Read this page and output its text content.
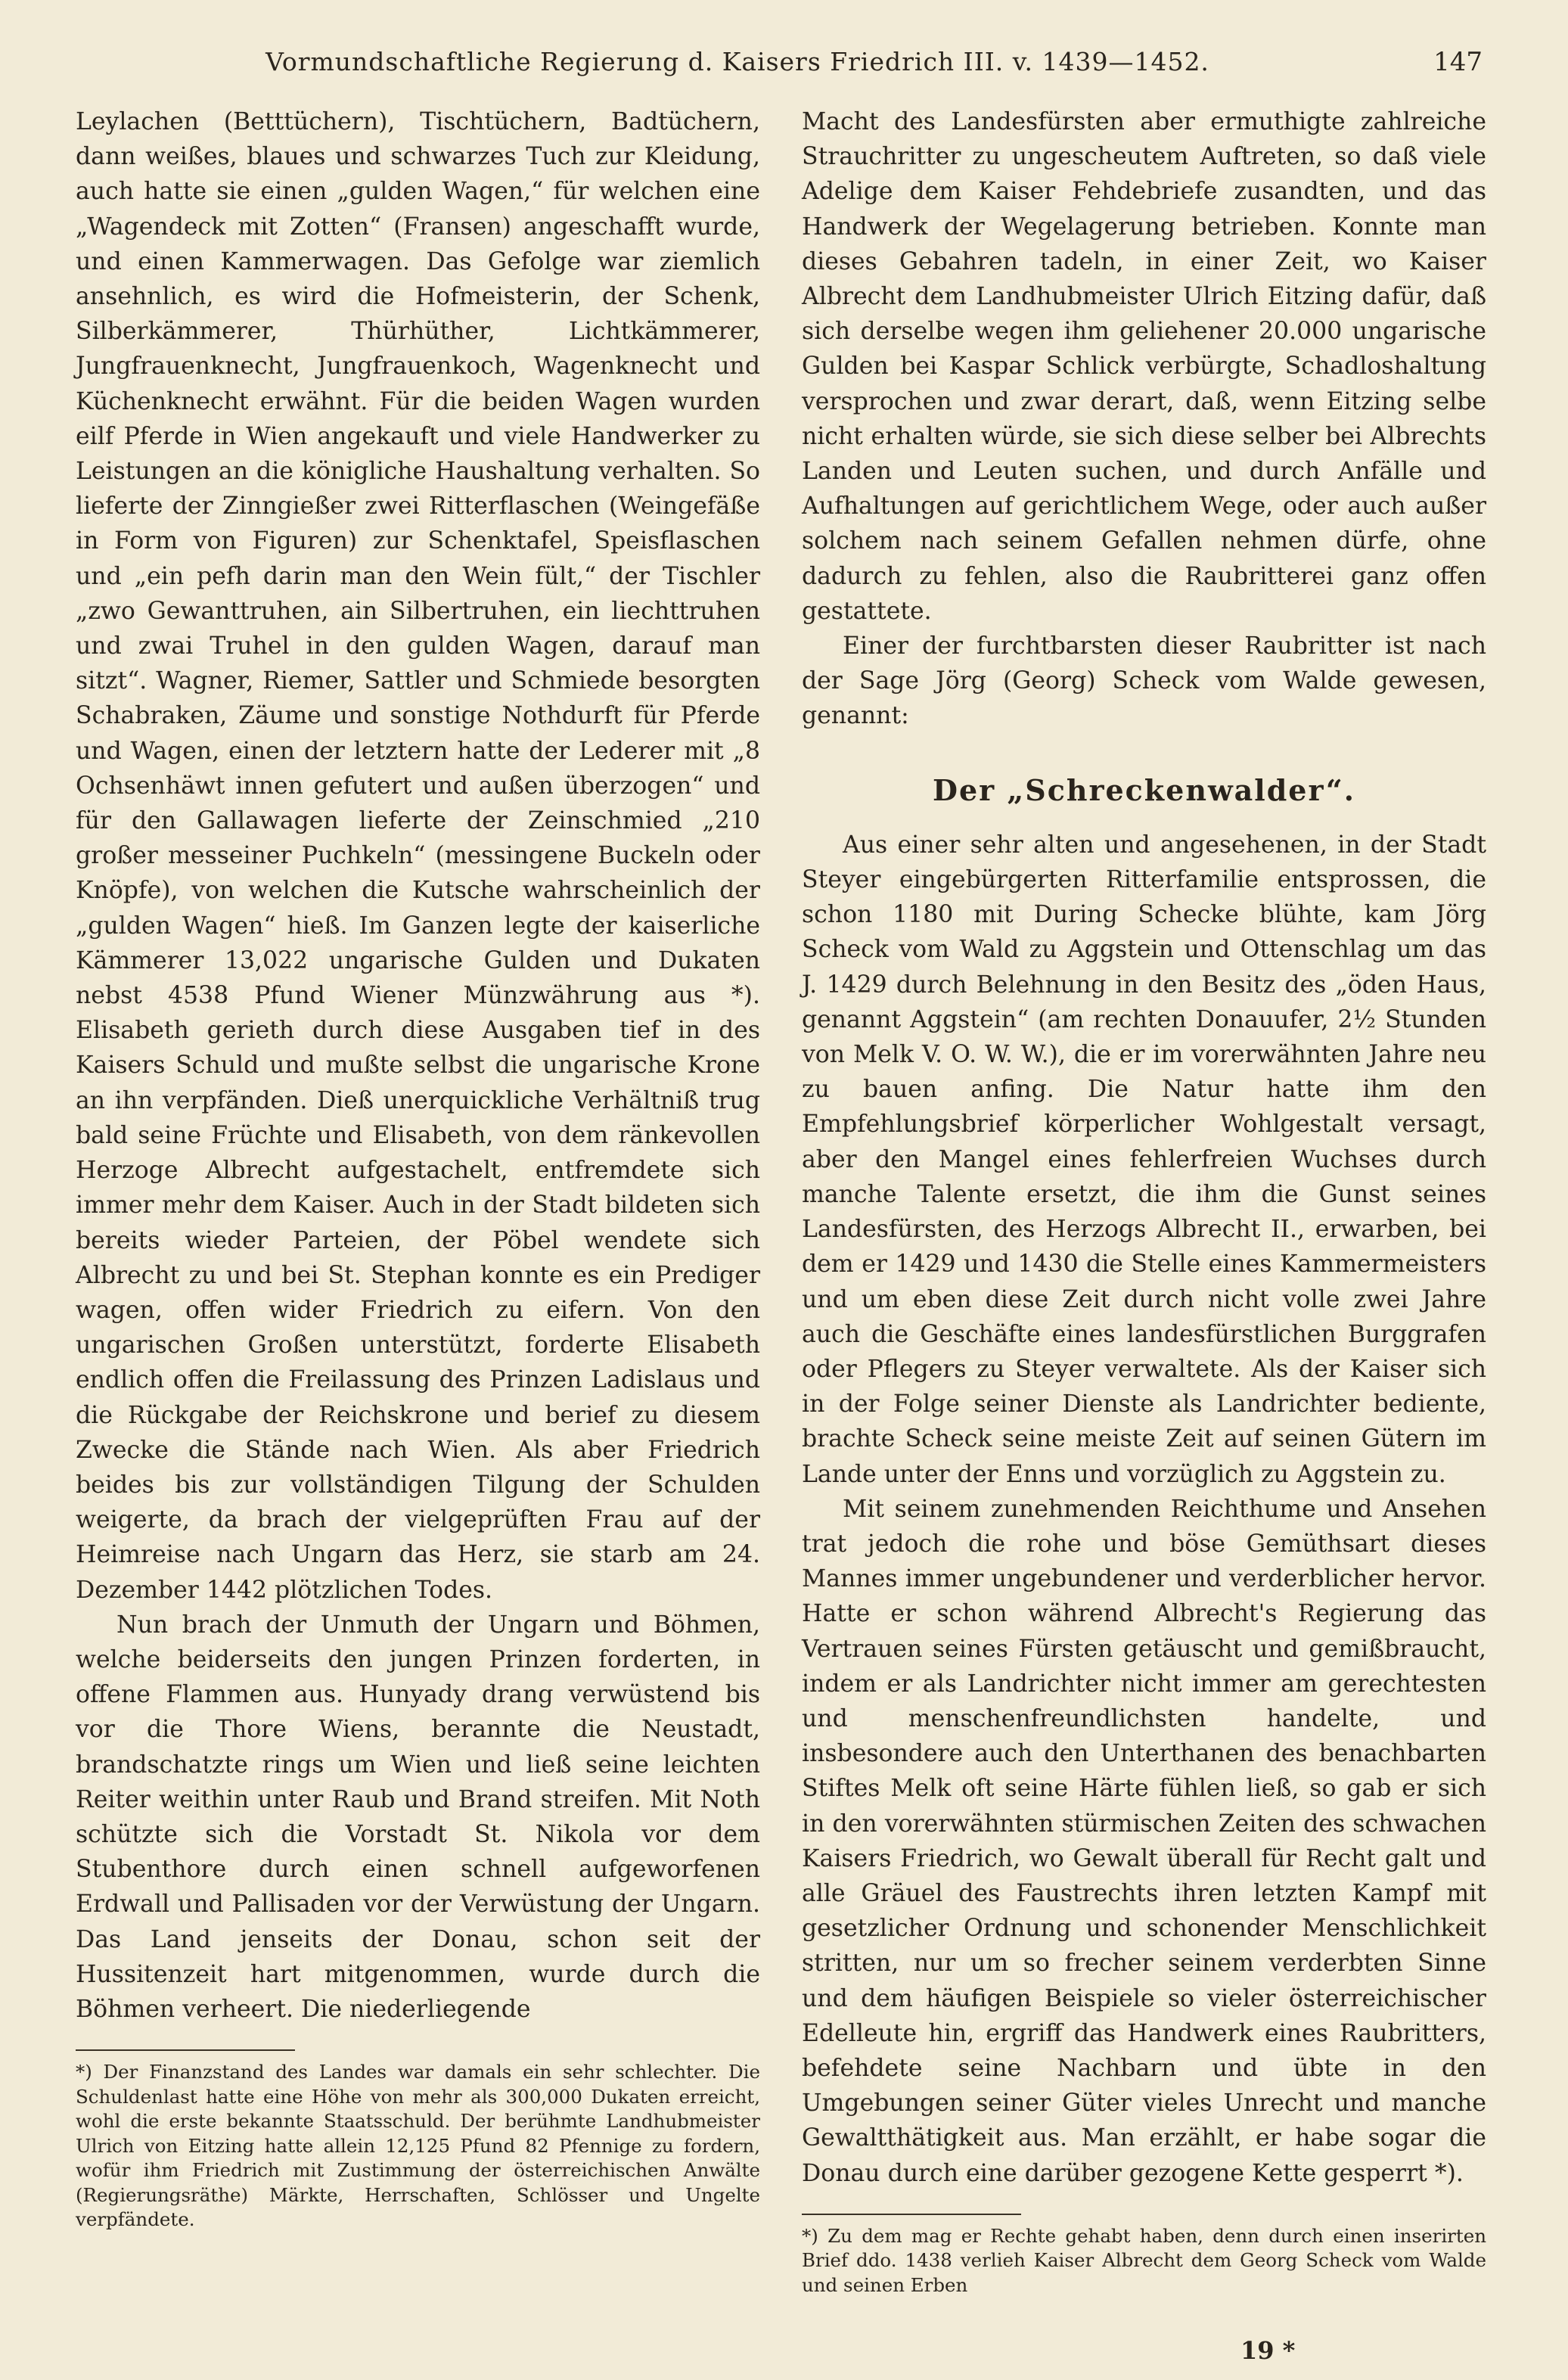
Vormundschaftliche Regierung d. Kaisers Friedrich III. v. 1439—1452.	147

Leylachen (Betttüchern), Tischtüchern, Badtüchern, dann weißes, blaues und schwarzes Tuch zur Kleidung, auch hatte sie einen „gulden Wagen,“ für welchen eine „Wagendeck mit Zotten“ (Fransen) angeschafft wurde, und einen Kammerwagen. Das Gefolge war ziemlich ansehnlich, es wird die Hofmeisterin, der Schenk, Silberkämmerer, Thürhüther, Lichtkämmerer, Jungfrauenknecht, Jungfrauenkoch, Wagenknecht und Küchenknecht erwähnt. Für die beiden Wagen wurden eilf Pferde in Wien angekauft und viele Handwerker zu Leistungen an die königliche Haushaltung verhalten. So lieferte der Zinngießer zwei Ritterflaschen (Weingefäße in Form von Figuren) zur Schenktafel, Speisflaschen und „ein pefh darin man den Wein fült,“ der Tischler „zwo Gewanttruhen, ain Silbertruhen, ein liechttruhen und zwai Truhel in den gulden Wagen, darauf man sitzt“. Wagner, Riemer, Sattler und Schmiede besorgten Schabraken, Zäume und sonstige Nothdurft für Pferde und Wagen, einen der letztern hatte der Lederer mit „8 Ochsenhäwt innen gefutert und außen überzogen“ und für den Gallawagen lieferte der Zeinschmied „210 großer messeiner Puchkeln“ (messingene Buckeln oder Knöpfe), von welchen die Kutsche wahrscheinlich der „gulden Wagen“ hieß. Im Ganzen legte der kaiserliche Kämmerer 13,022 ungarische Gulden und Dukaten nebst 4538 Pfund Wiener Münzwährung aus *). Elisabeth gerieth durch diese Ausgaben tief in des Kaisers Schuld und mußte selbst die ungarische Krone an ihn verpfänden. Dieß unerquickliche Verhältniß trug bald seine Früchte und Elisabeth, von dem ränkevollen Herzoge Albrecht aufgestachelt, entfremdete sich immer mehr dem Kaiser. Auch in der Stadt bildeten sich bereits wieder Parteien, der Pöbel wendete sich Albrecht zu und bei St. Stephan konnte es ein Prediger wagen, offen wider Friedrich zu eifern. Von den ungarischen Großen unterstützt, forderte Elisabeth endlich offen die Freilassung des Prinzen Ladislaus und die Rückgabe der Reichskrone und berief zu diesem Zwecke die Stände nach Wien. Als aber Friedrich beides bis zur vollständigen Tilgung der Schulden weigerte, da brach der vielgeprüften Frau auf der Heimreise nach Ungarn das Herz, sie starb am 24. Dezember 1442 plötzlichen Todes.

Nun brach der Unmuth der Ungarn und Böhmen, welche beiderseits den jungen Prinzen forderten, in offene Flammen aus. Hunyady drang verwüstend bis vor die Thore Wiens, berannte die Neustadt, brandschatzte rings um Wien und ließ seine leichten Reiter weithin unter Raub und Brand streifen. Mit Noth schützte sich die Vorstadt St. Nikola vor dem Stubenthore durch einen schnell aufgeworfenen Erdwall und Pallisaden vor der Verwüstung der Ungarn. Das Land jenseits der Donau, schon seit der Hussitenzeit hart mitgenommen, wurde durch die Böhmen verheert. Die niederliegende

*) Der Finanzstand des Landes war damals ein sehr schlechter. Die Schuldenlast hatte eine Höhe von mehr als 300,000 Dukaten erreicht, wohl die erste bekannte Staatsschuld. Der berühmte Landhubmeister Ulrich von Eitzing hatte allein 12,125 Pfund 82 Pfennige zu fordern, wofür ihm Friedrich mit Zustimmung der österreichischen Anwälte (Regierungsräthe) Märkte, Herrschaften, Schlösser und Ungelte verpfändete.

Macht des Landesfürsten aber ermuthigte zahlreiche Strauchritter zu ungescheutem Auftreten, so daß viele Adelige dem Kaiser Fehdebriefe zusandten, und das Handwerk der Wegelagerung betrieben. Konnte man dieses Gebahren tadeln, in einer Zeit, wo Kaiser Albrecht dem Landhubmeister Ulrich Eitzing dafür, daß sich derselbe wegen ihm geliehener 20.000 ungarische Gulden bei Kaspar Schlick verbürgte, Schadloshaltung versprochen und zwar derart, daß, wenn Eitzing selbe nicht erhalten würde, sie sich diese selber bei Albrechts Landen und Leuten suchen, und durch Anfälle und Aufhaltungen auf gerichtlichem Wege, oder auch außer solchem nach seinem Gefallen nehmen dürfe, ohne dadurch zu fehlen, also die Raubritterei ganz offen gestattete.

Einer der furchtbarsten dieser Raubritter ist nach der Sage Jörg (Georg) Scheck vom Walde gewesen, genannt:

Der „Schreckenwalder“.

Aus einer sehr alten und angesehenen, in der Stadt Steyer eingebürgerten Ritterfamilie entsprossen, die schon 1180 mit During Schecke blühte, kam Jörg Scheck vom Wald zu Aggstein und Ottenschlag um das J. 1429 durch Belehnung in den Besitz des „öden Haus, genannt Aggstein“ (am rechten Donauufer, 2½ Stunden von Melk V. O. W. W.), die er im vorerwähnten Jahre neu zu bauen anfing. Die Natur hatte ihm den Empfehlungsbrief körperlicher Wohlgestalt versagt, aber den Mangel eines fehlerfreien Wuchses durch manche Talente ersetzt, die ihm die Gunst seines Landesfürsten, des Herzogs Albrecht II., erwarben, bei dem er 1429 und 1430 die Stelle eines Kammermeisters und um eben diese Zeit durch nicht volle zwei Jahre auch die Geschäfte eines landesfürstlichen Burggrafen oder Pflegers zu Steyer verwaltete. Als der Kaiser sich in der Folge seiner Dienste als Landrichter bediente, brachte Scheck seine meiste Zeit auf seinen Gütern im Lande unter der Enns und vorzüglich zu Aggstein zu.

Mit seinem zunehmenden Reichthume und Ansehen trat jedoch die rohe und böse Gemüthsart dieses Mannes immer ungebundener und verderblicher hervor. Hatte er schon während Albrecht's Regierung das Vertrauen seines Fürsten getäuscht und gemißbraucht, indem er als Landrichter nicht immer am gerechtesten und menschenfreundlichsten handelte, und insbesondere auch den Unterthanen des benachbarten Stiftes Melk oft seine Härte fühlen ließ, so gab er sich in den vorerwähnten stürmischen Zeiten des schwachen Kaisers Friedrich, wo Gewalt überall für Recht galt und alle Gräuel des Faustrechts ihren letzten Kampf mit gesetzlicher Ordnung und schonender Menschlichkeit stritten, nur um so frecher seinem verderbten Sinne und dem häufigen Beispiele so vieler österreichischer Edelleute hin, ergriff das Handwerk eines Raubritters, befehdete seine Nachbarn und übte in den Umgebungen seiner Güter vieles Unrecht und manche Gewaltthätigkeit aus. Man erzählt, er habe sogar die Donau durch eine darüber gezogene Kette gesperrt *).

*) Zu dem mag er Rechte gehabt haben, denn durch einen inserirten Brief ddo. 1438 verlieh Kaiser Albrecht dem Georg Scheck vom Walde und seinen Erben

19 *
